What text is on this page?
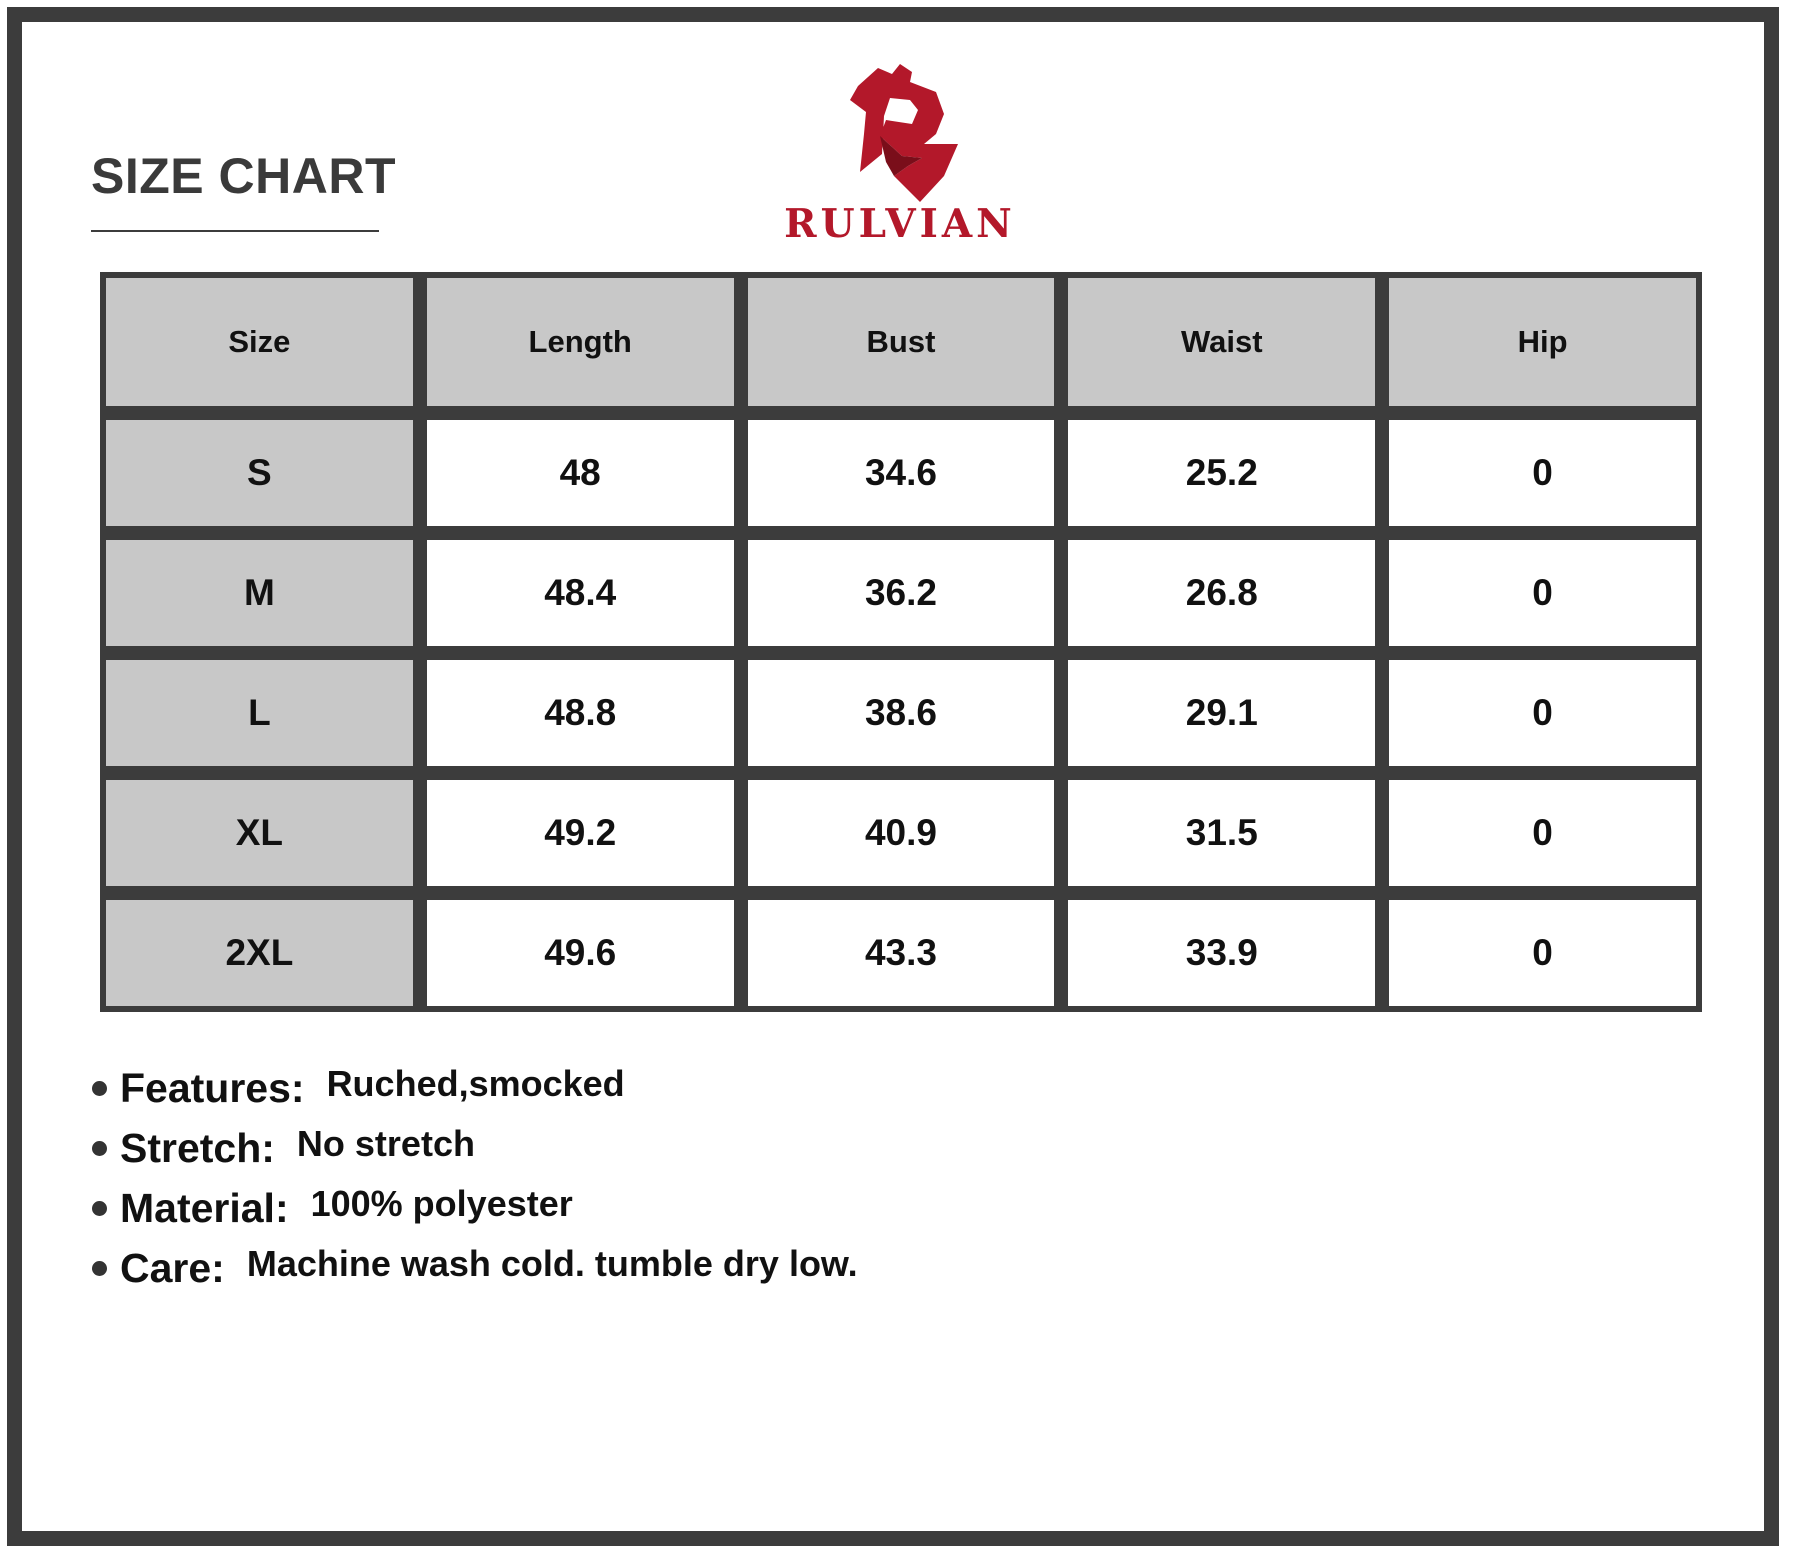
SIZE CHART
RULVIAN
Size	Length	Bust	Waist	Hip
S	48	34.6	25.2	0
M	48.4	36.2	26.8	0
L	48.8	38.6	29.1	0
XL	49.2	40.9	31.5	0
2XL	49.6	43.3	33.9	0
Features: Ruched,smocked
Stretch: No stretch
Material: 100% polyester
Care: Machine wash cold. tumble dry low.
